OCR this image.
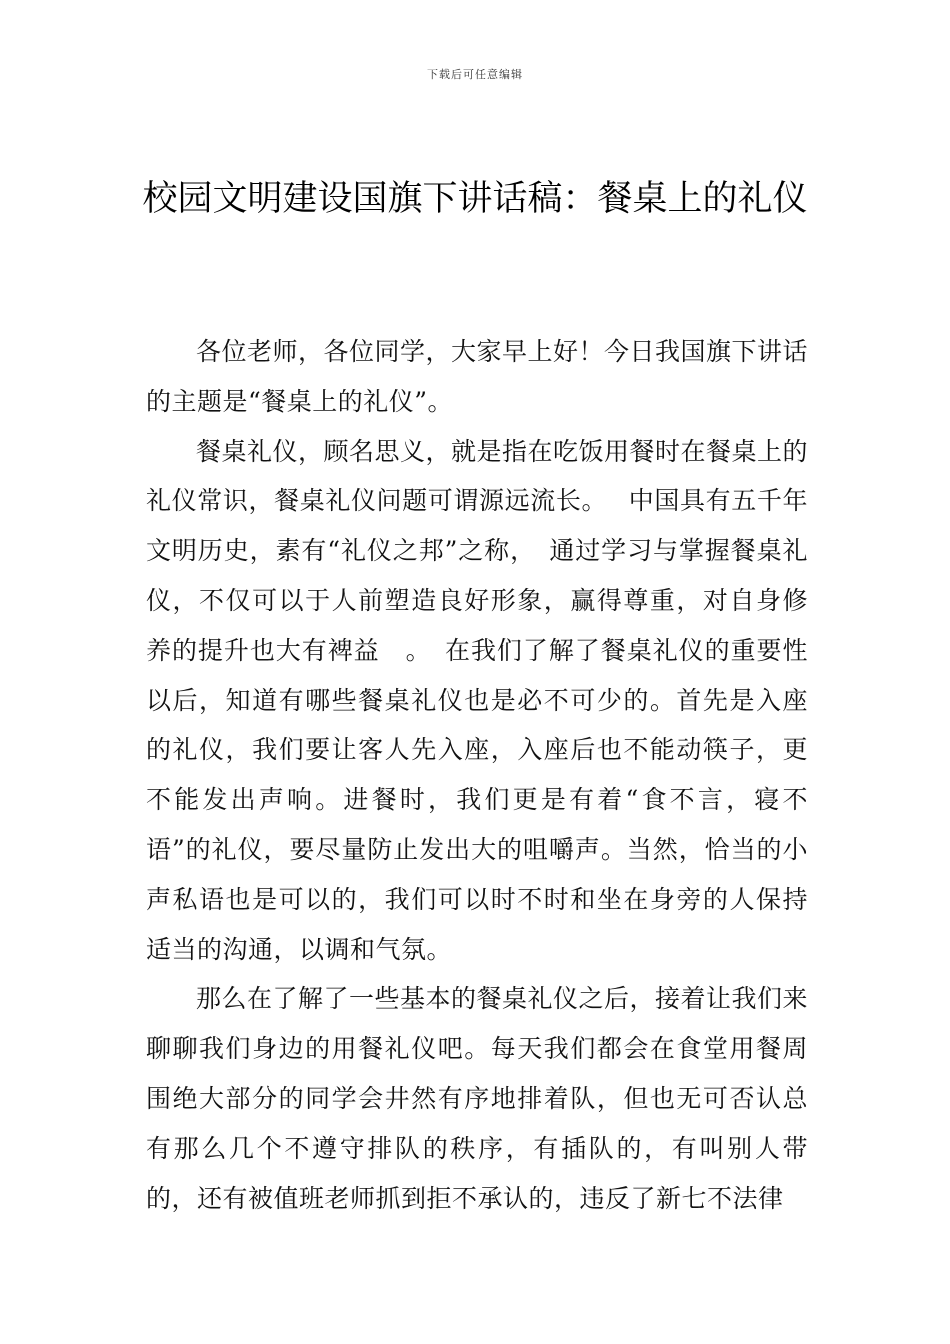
下载后可任意编辑
校园文明建设国旗下讲话稿：餐桌上的礼仪

各位老师，各位同学，大家早上好！今日我国旗下讲话的主题是“餐桌上的礼仪”。

餐桌礼仪，顾名思义，就是指在吃饭用餐时在餐桌上的礼仪常识，餐桌礼仪问题可谓源远流长。　 中国具有五千年文明历史，素有“礼仪之邦”之称，　通过学习与掌握餐桌礼仪，不仅可以于人前塑造良好形象，赢得尊重，对自身修养的提升也大有裨益　。　在我们了解了餐桌礼仪的重要性以后，知道有哪些餐桌礼仪也是必不可少的。首先是入座的礼仪，我们要让客人先入座，入座后也不能动筷子，更不能发出声响。进餐时，我们更是有着“食不言，寝不语”的礼仪，要尽量防止发出大的咀嚼声。当然，恰当的小声私语也是可以的，我们可以时不时和坐在身旁的人保持适当的沟通，以调和气氛。

那么在了解了一些基本的餐桌礼仪之后，接着让我们来聊聊我们身边的用餐礼仪吧。每天我们都会在食堂用餐周围绝大部分的同学会井然有序地排着队，但也无可否认总有那么几个不遵守排队的秩序，有插队的，有叫别人带的，还有被值班老师抓到拒不承认的，违反了新七不法律
